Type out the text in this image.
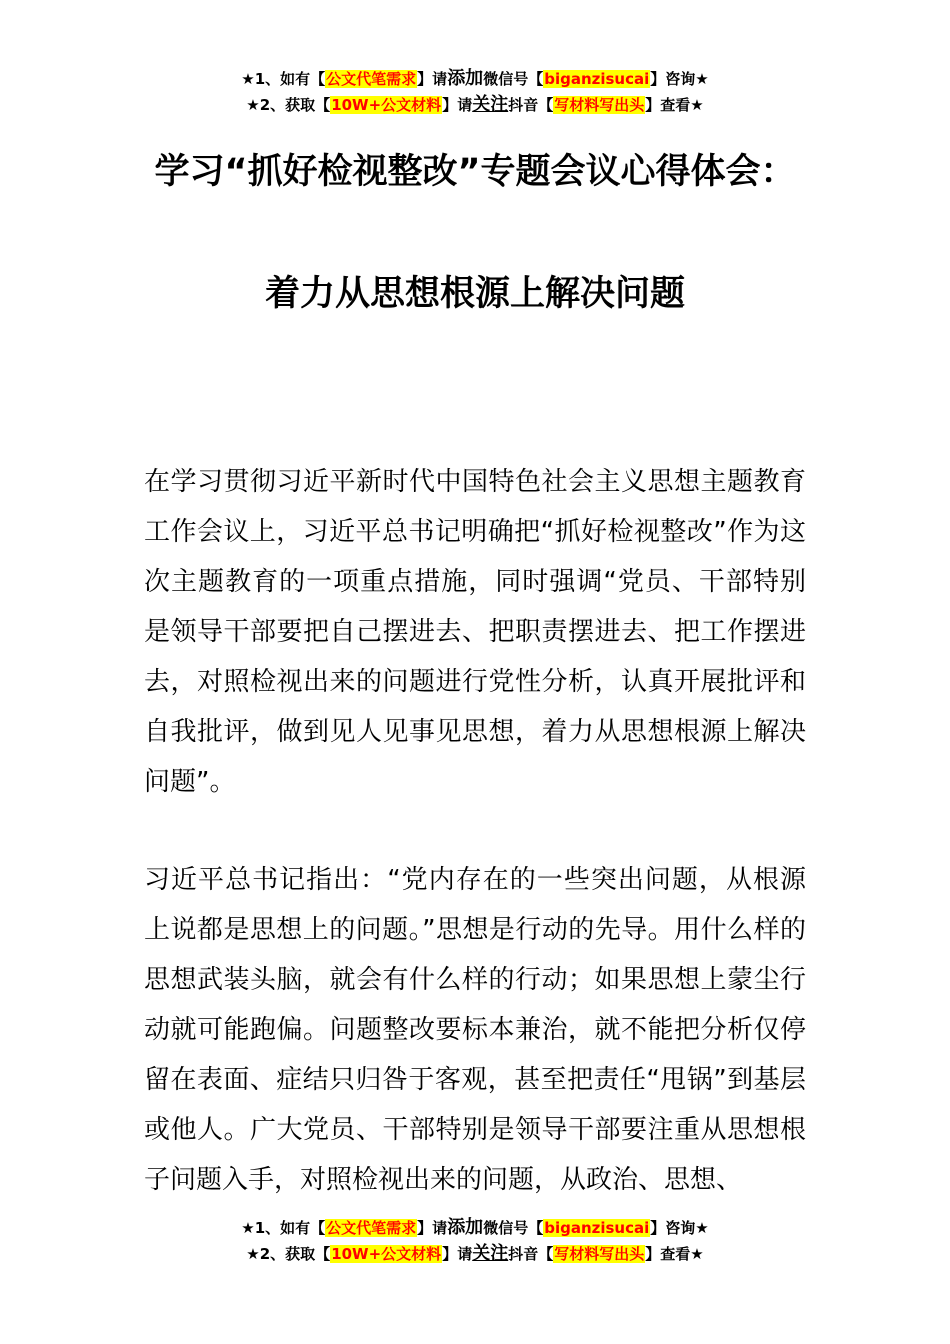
★1、如有【公文代笔需求】请添加微信号【biganzisucai】咨询★
★2、获取【10W+公文材料】请关注抖音【写材料写出头】查看★
学习“抓好检视整改”专题会议心得体会：
着力从思想根源上解决问题

在学习贯彻习近平新时代中国特色社会主义思想主题教育工作会议上，习近平总书记明确把“抓好检视整改”作为这次主题教育的一项重点措施，同时强调“党员、干部特别是领导干部要把自己摆进去、把职责摆进去、把工作摆进去，对照检视出来的问题进行党性分析，认真开展批评和自我批评，做到见人见事见思想，着力从思想根源上解决问题”。

习近平总书记指出：“党内存在的一些突出问题，从根源上说都是思想上的问题。”思想是行动的先导。用什么样的思想武装头脑，就会有什么样的行动；如果思想上蒙尘行动就可能跑偏。问题整改要标本兼治，就不能把分析仅停留在表面、症结只归咎于客观，甚至把责任“甩锅”到基层或他人。广大党员、干部特别是领导干部要注重从思想根子问题入手，对照检视出来的问题，从政治、思想、

★1、如有【公文代笔需求】请添加微信号【biganzisucai】咨询★
★2、获取【10W+公文材料】请关注抖音【写材料写出头】查看★
